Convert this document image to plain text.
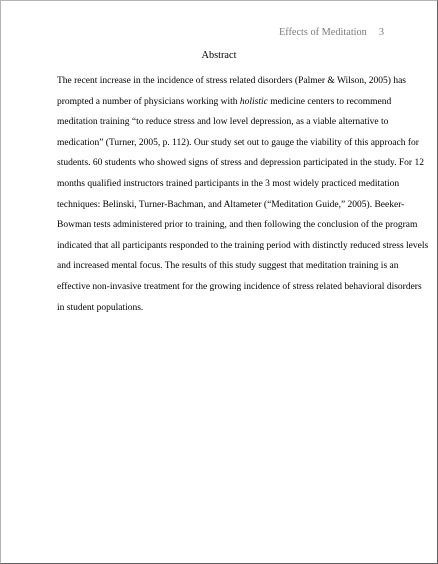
Effects of Meditation 3
Abstract
The recent increase in the incidence of stress related disorders (Palmer & Wilson, 2005) has
prompted a number of physicians working with holistic medicine centers to recommend
meditation training “to reduce stress and low level depression, as a viable alternative to
medication” (Turner, 2005, p. 112). Our study set out to gauge the viability of this approach for
students. 60 students who showed signs of stress and depression participated in the study. For 12
months qualified instructors trained participants in the 3 most widely practiced meditation
techniques: Belinski, Turner-Bachman, and Altameter (“Meditation Guide,” 2005). Beeker-
Bowman tests administered prior to training, and then following the conclusion of the program
indicated that all participants responded to the training period with distinctly reduced stress levels
and increased mental focus. The results of this study suggest that meditation training is an
effective non-invasive treatment for the growing incidence of stress related behavioral disorders
in student populations.
